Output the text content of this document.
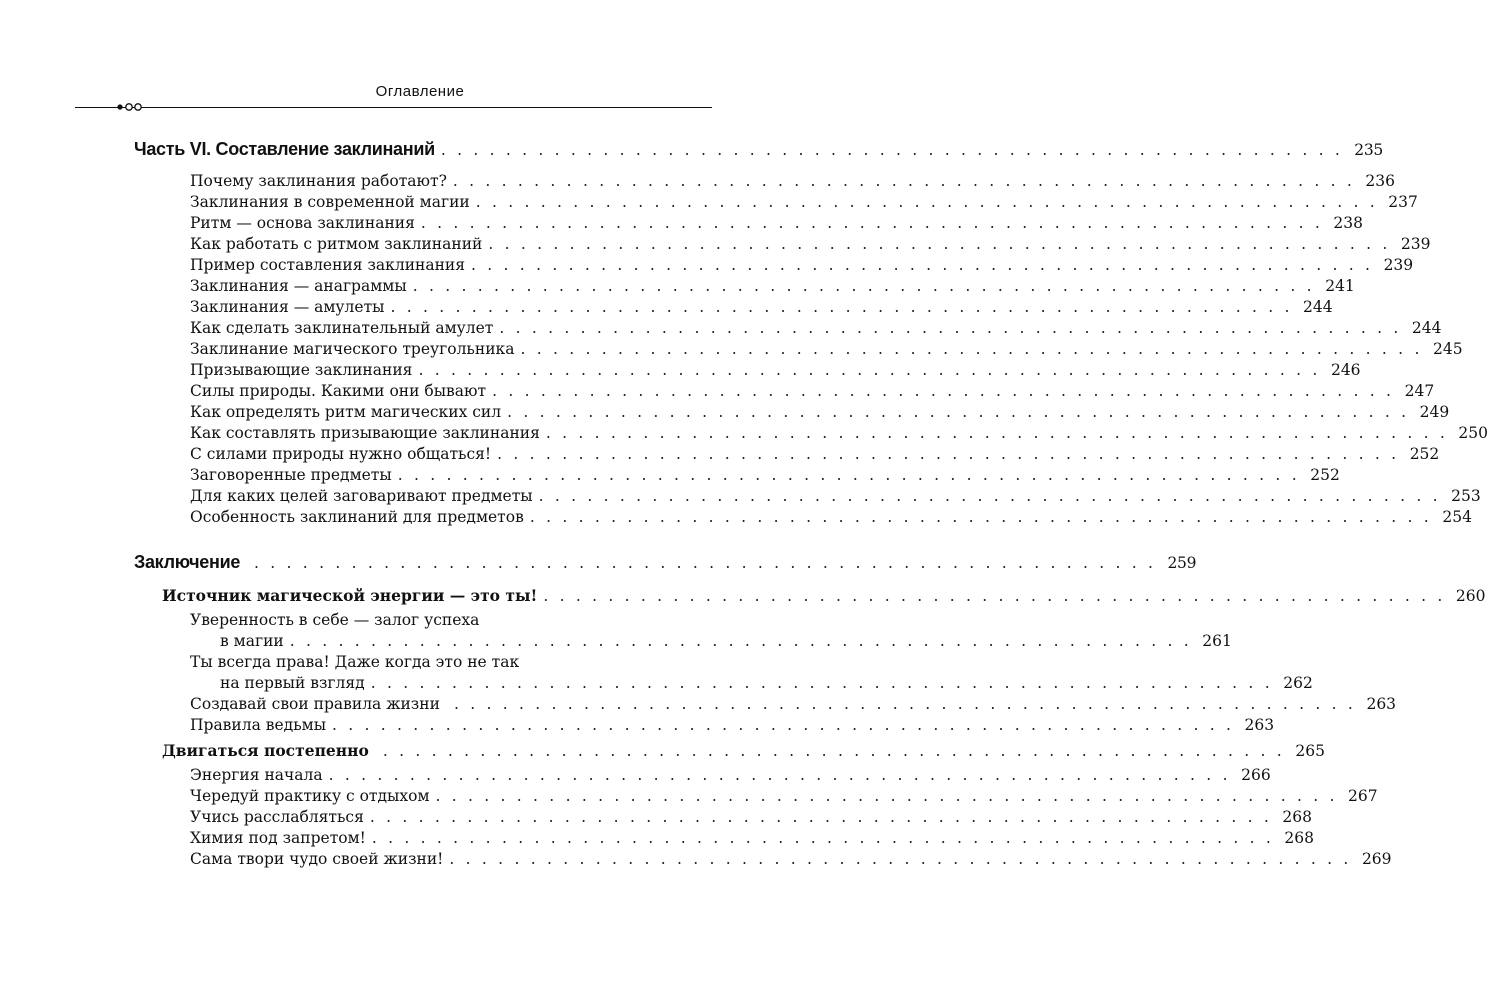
Оглавление
Часть VI. Составление заклинаний . . . . . . . . . . . . . . . . . . . . . . . . . . . . . . . . . . . . . . . . . . . . . . . . . . . . . . . . 235
Почему заклинания работают? . . . . . . . . . . . . . . . . . . . . . . . . . . . . . . . . . . . . . . . . . . . . . . . . . . . . . . . . 236
Заклинания в современной магии . . . . . . . . . . . . . . . . . . . . . . . . . . . . . . . . . . . . . . . . . . . . . . . . . . . . . . . . 237
Ритм — основа заклинания . . . . . . . . . . . . . . . . . . . . . . . . . . . . . . . . . . . . . . . . . . . . . . . . . . . . . . . . 238
Как работать с ритмом заклинаний . . . . . . . . . . . . . . . . . . . . . . . . . . . . . . . . . . . . . . . . . . . . . . . . . . . . . . . . 239
Пример составления заклинания . . . . . . . . . . . . . . . . . . . . . . . . . . . . . . . . . . . . . . . . . . . . . . . . . . . . . . . . 239
Заклинания — анаграммы . . . . . . . . . . . . . . . . . . . . . . . . . . . . . . . . . . . . . . . . . . . . . . . . . . . . . . . . 241
Заклинания — амулеты . . . . . . . . . . . . . . . . . . . . . . . . . . . . . . . . . . . . . . . . . . . . . . . . . . . . . . . . 244
Как сделать заклинательный амулет . . . . . . . . . . . . . . . . . . . . . . . . . . . . . . . . . . . . . . . . . . . . . . . . . . . . . . . . 244
Заклинание магического треугольника . . . . . . . . . . . . . . . . . . . . . . . . . . . . . . . . . . . . . . . . . . . . . . . . . . . . . . . . 245
Призывающие заклинания . . . . . . . . . . . . . . . . . . . . . . . . . . . . . . . . . . . . . . . . . . . . . . . . . . . . . . . . 246
Силы природы. Какими они бывают . . . . . . . . . . . . . . . . . . . . . . . . . . . . . . . . . . . . . . . . . . . . . . . . . . . . . . . . 247
Как определять ритм магических сил . . . . . . . . . . . . . . . . . . . . . . . . . . . . . . . . . . . . . . . . . . . . . . . . . . . . . . . . 249
Как составлять призывающие заклинания . . . . . . . . . . . . . . . . . . . . . . . . . . . . . . . . . . . . . . . . . . . . . . . . . . . . . . . . 250
С силами природы нужно общаться! . . . . . . . . . . . . . . . . . . . . . . . . . . . . . . . . . . . . . . . . . . . . . . . . . . . . . . . . 252
Заговоренные предметы . . . . . . . . . . . . . . . . . . . . . . . . . . . . . . . . . . . . . . . . . . . . . . . . . . . . . . . . 252
Для каких целей заговаривают предметы . . . . . . . . . . . . . . . . . . . . . . . . . . . . . . . . . . . . . . . . . . . . . . . . . . . . . . . . 253
Особенность заклинаний для предметов . . . . . . . . . . . . . . . . . . . . . . . . . . . . . . . . . . . . . . . . . . . . . . . . . . . . . . . . 254
Заключение . . . . . . . . . . . . . . . . . . . . . . . . . . . . . . . . . . . . . . . . . . . . . . . . . . . . . . . . 259
Источник магической энергии — это ты! . . . . . . . . . . . . . . . . . . . . . . . . . . . . . . . . . . . . . . . . . . . . . . . . . . . . . . . . 260
Уверенность в себе — залог успеха
в магии . . . . . . . . . . . . . . . . . . . . . . . . . . . . . . . . . . . . . . . . . . . . . . . . . . . . . . . . 261
Ты всегда права! Даже когда это не так
на первый взгляд . . . . . . . . . . . . . . . . . . . . . . . . . . . . . . . . . . . . . . . . . . . . . . . . . . . . . . . . 262
Создавай свои правила жизни . . . . . . . . . . . . . . . . . . . . . . . . . . . . . . . . . . . . . . . . . . . . . . . . . . . . . . . . 263
Правила ведьмы . . . . . . . . . . . . . . . . . . . . . . . . . . . . . . . . . . . . . . . . . . . . . . . . . . . . . . . . 263
Двигаться постепенно . . . . . . . . . . . . . . . . . . . . . . . . . . . . . . . . . . . . . . . . . . . . . . . . . . . . . . . . 265
Энергия начала . . . . . . . . . . . . . . . . . . . . . . . . . . . . . . . . . . . . . . . . . . . . . . . . . . . . . . . . 266
Чередуй практику с отдыхом . . . . . . . . . . . . . . . . . . . . . . . . . . . . . . . . . . . . . . . . . . . . . . . . . . . . . . . . 267
Учись расслабляться . . . . . . . . . . . . . . . . . . . . . . . . . . . . . . . . . . . . . . . . . . . . . . . . . . . . . . . . 268
Химия под запретом! . . . . . . . . . . . . . . . . . . . . . . . . . . . . . . . . . . . . . . . . . . . . . . . . . . . . . . . . 268
Сама твори чудо своей жизни! . . . . . . . . . . . . . . . . . . . . . . . . . . . . . . . . . . . . . . . . . . . . . . . . . . . . . . . . 269
